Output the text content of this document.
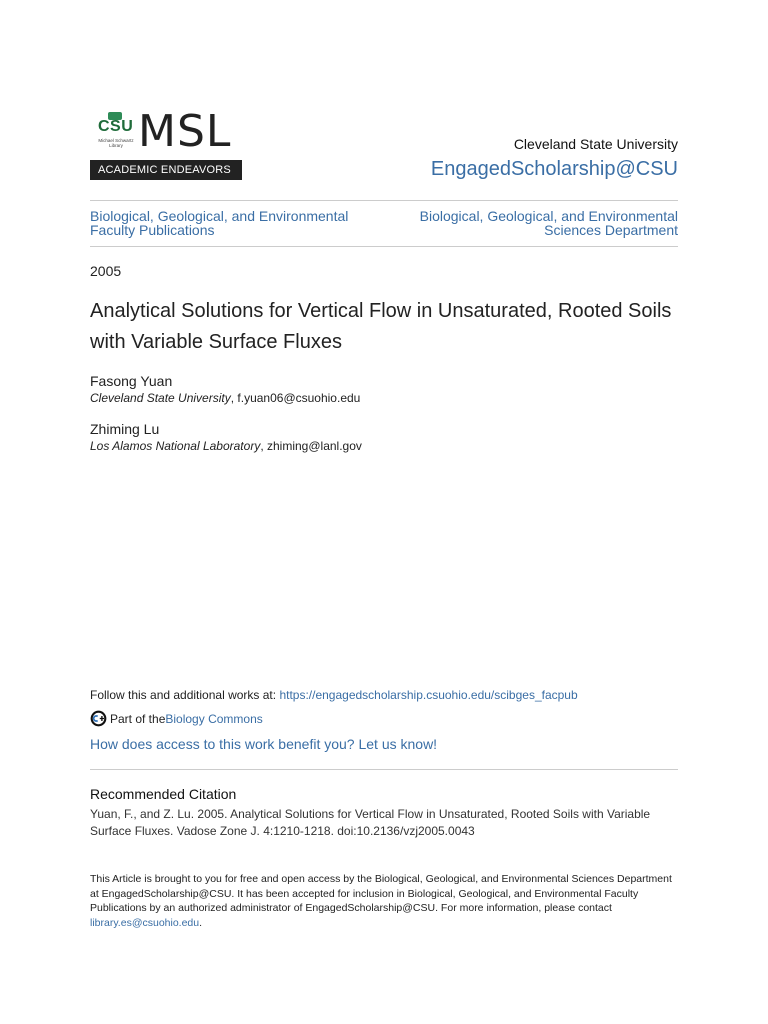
CSU
Michael Schwartz Library MSL
ACADEMIC ENDEAVORS
Cleveland State University
EngagedScholarship@CSU
Biological, Geological, and Environmental Faculty Publications
Biological, Geological, and Environmental Sciences Department
2005
Analytical Solutions for Vertical Flow in Unsaturated, Rooted Soils with Variable Surface Fluxes
Fasong Yuan
Cleveland State University, f.yuan06@csuohio.edu
Zhiming Lu
Los Alamos National Laboratory, zhiming@lanl.gov
Follow this and additional works at: https://engagedscholarship.csuohio.edu/scibges_facpub
Part of the Biology Commons
How does access to this work benefit you? Let us know!
Recommended Citation
Yuan, F., and Z. Lu. 2005. Analytical Solutions for Vertical Flow in Unsaturated, Rooted Soils with Variable Surface Fluxes. Vadose Zone J. 4:1210-1218. doi:10.2136/vzj2005.0043
This Article is brought to you for free and open access by the Biological, Geological, and Environmental Sciences Department at EngagedScholarship@CSU. It has been accepted for inclusion in Biological, Geological, and Environmental Faculty Publications by an authorized administrator of EngagedScholarship@CSU. For more information, please contact library.es@csuohio.edu.
